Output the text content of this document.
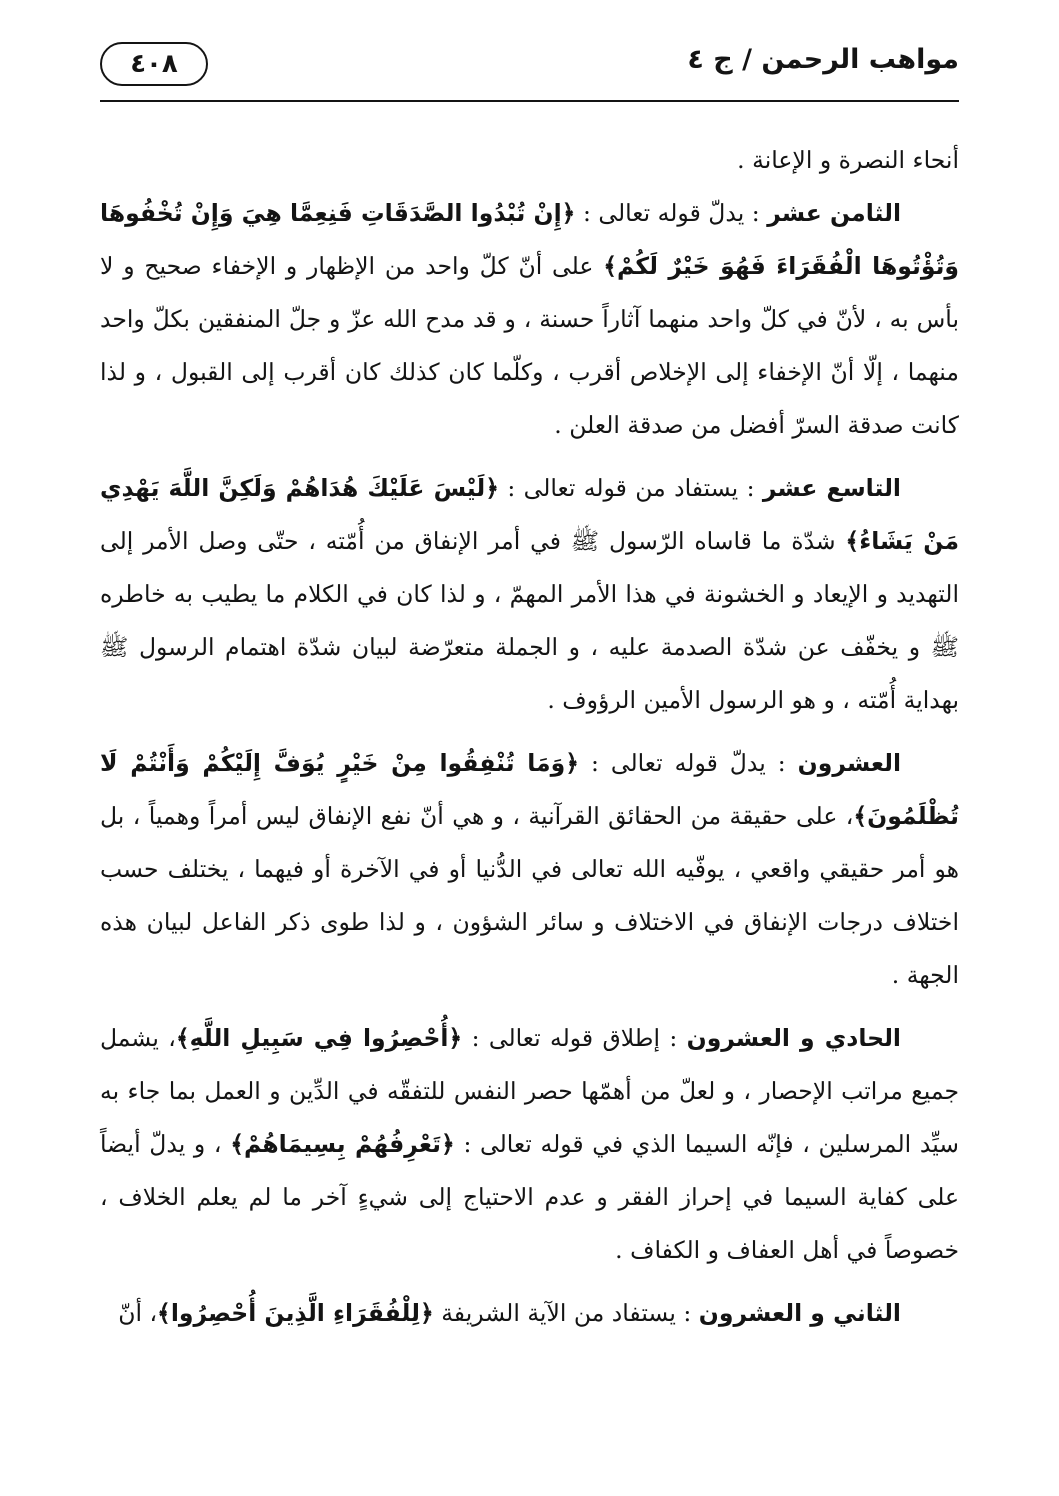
مواهب الرحمن / ج ٤
٤٠٨

أنحاء النصرة و الإعانة .

الثامن عشر : يدلّ قوله تعالى : ﴿إِنْ تُبْدُوا الصَّدَقَاتِ فَنِعِمَّا هِيَ وَإِنْ تُخْفُوهَا وَتُؤْتُوهَا الْفُقَرَاءَ فَهُوَ خَيْرٌ لَكُمْ﴾ على أنّ كلّ واحد من الإظهار و الإخفاء صحيح و لا بأس به ، لأنّ في كلّ واحد منهما آثاراً حسنة ، و قد مدح الله عزّ و جلّ المنفقين بكلّ واحد منهما ، إلّا أنّ الإخفاء إلى الإخلاص أقرب ، وكلّما كان كذلك كان أقرب إلى القبول ، و لذا كانت صدقة السرّ أفضل من صدقة العلن .

التاسع عشر : يستفاد من قوله تعالى : ﴿لَيْسَ عَلَيْكَ هُدَاهُمْ وَلَكِنَّ اللَّهَ يَهْدِي مَنْ يَشَاءُ﴾ شدّة ما قاساه الرّسول ﷺ في أمر الإنفاق من أُمّته ، حتّى وصل الأمر إلى التهديد و الإيعاد و الخشونة في هذا الأمر المهمّ ، و لذا كان في الكلام ما يطيب به خاطره ﷺ و يخفّف عن شدّة الصدمة عليه ، و الجملة متعرّضة لبيان شدّة اهتمام الرسول ﷺ بهداية أُمّته ، و هو الرسول الأمين الرؤوف .

العشرون : يدلّ قوله تعالى : ﴿وَمَا تُنْفِقُوا مِنْ خَيْرٍ يُوَفَّ إِلَيْكُمْ وَأَنْتُمْ لَا تُظْلَمُونَ﴾، على حقيقة من الحقائق القرآنية ، و هي أنّ نفع الإنفاق ليس أمراً وهمياً ، بل هو أمر حقيقي واقعي ، يوفّيه الله تعالى في الدُّنيا أو في الآخرة أو فيهما ، يختلف حسب اختلاف درجات الإنفاق في الاختلاف و سائر الشؤون ، و لذا طوى ذكر الفاعل لبيان هذه الجهة .

الحادي و العشرون : إطلاق قوله تعالى : ﴿أُحْصِرُوا فِي سَبِيلِ اللَّهِ﴾، يشمل جميع مراتب الإحصار ، و لعلّ من أهمّها حصر النفس للتفقّه في الدِّين و العمل بما جاء به سيِّد المرسلين ، فإنّه السيما الذي في قوله تعالى : ﴿تَعْرِفُهُمْ بِسِيمَاهُمْ﴾ ، و يدلّ أيضاً على كفاية السيما في إحراز الفقر و عدم الاحتياج إلى شيءٍ آخر ما لم يعلم الخلاف ، خصوصاً في أهل العفاف و الكفاف .

الثاني و العشرون : يستفاد من الآية الشريفة ﴿لِلْفُقَرَاءِ الَّذِينَ أُحْصِرُوا﴾، أنّ
